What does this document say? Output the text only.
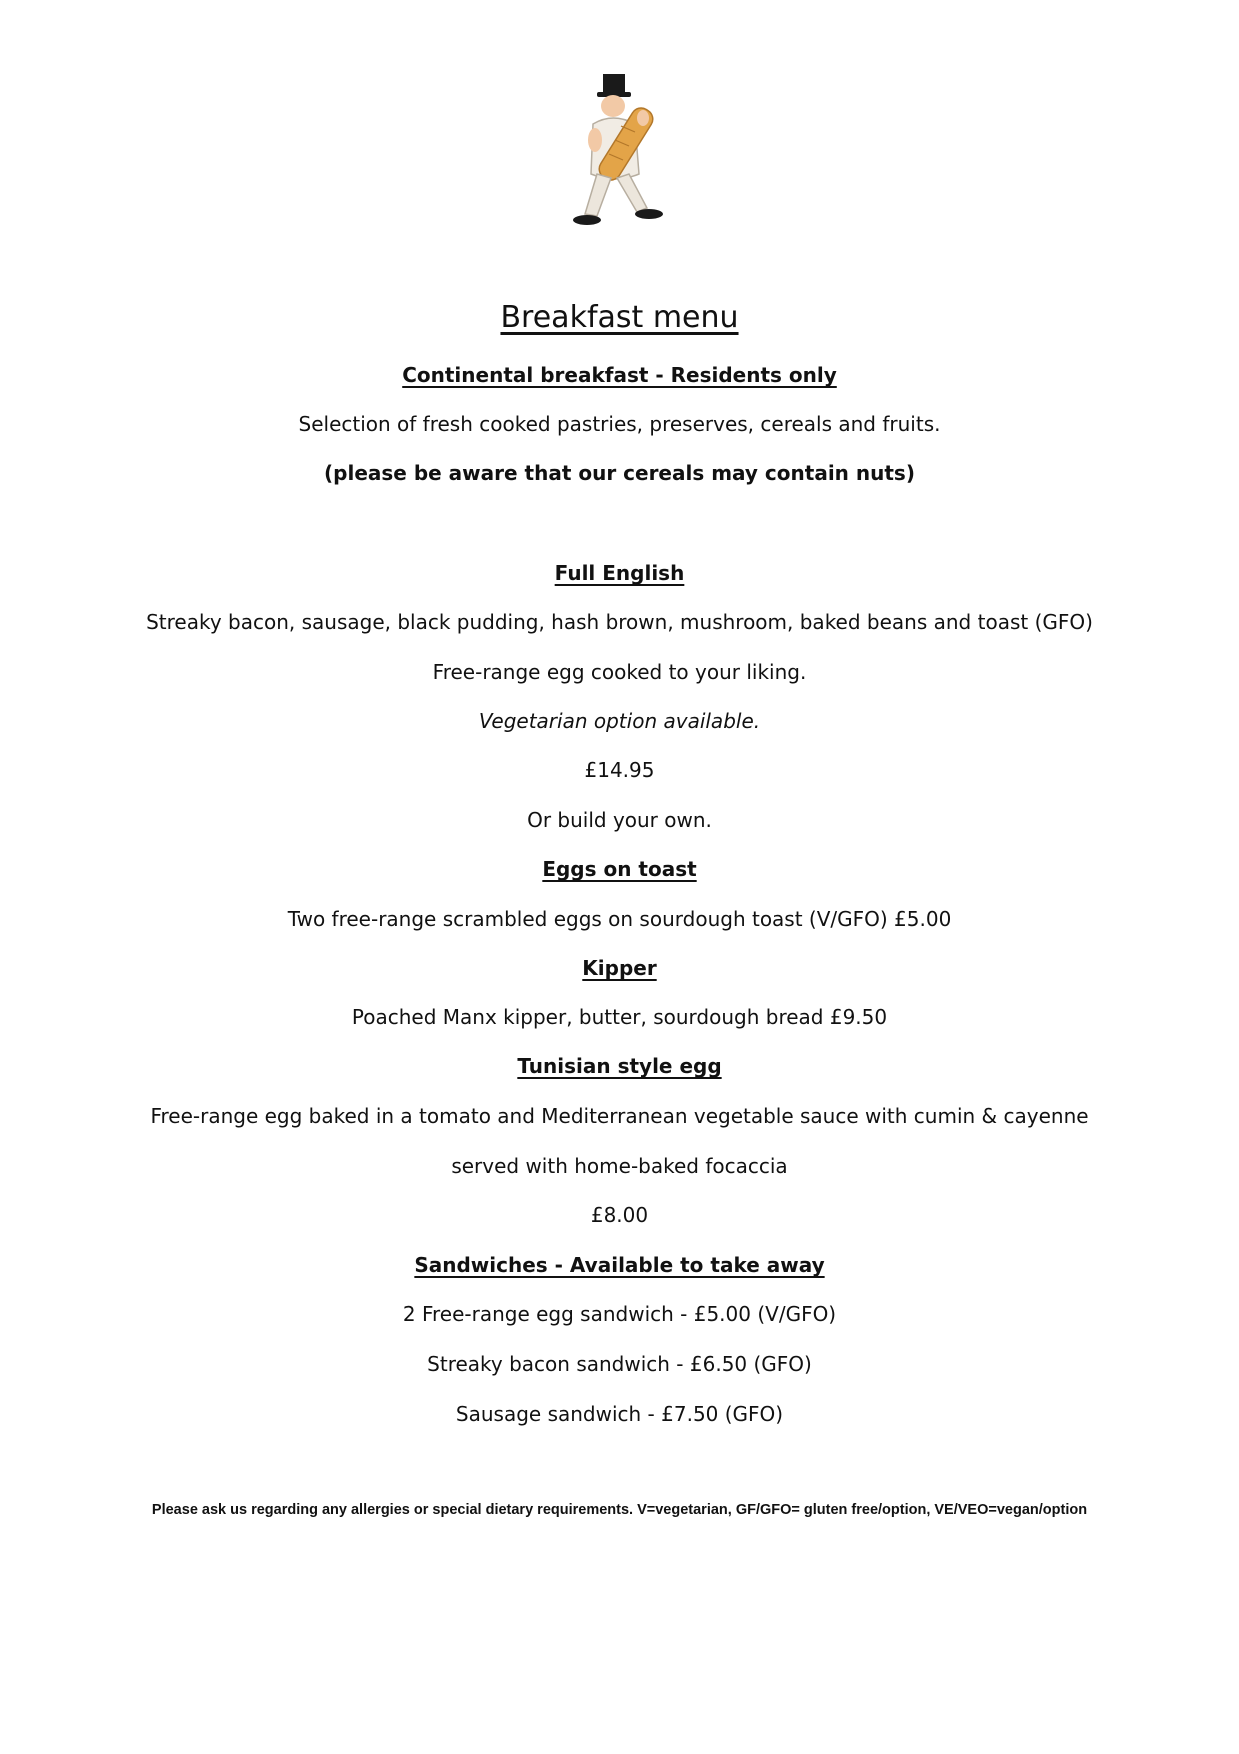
Breakfast menu
Continental breakfast - Residents only
Selection of fresh cooked pastries, preserves, cereals and fruits.
(please be aware that our cereals may contain nuts)
Full English
Streaky bacon, sausage, black pudding, hash brown, mushroom, baked beans and toast (GFO)
Free-range egg cooked to your liking.
Vegetarian option available.
£14.95
Or build your own.
Eggs on toast
Two free-range scrambled eggs on sourdough toast (V/GFO) £5.00
Kipper
Poached Manx kipper, butter, sourdough bread £9.50
Tunisian style egg
Free-range egg baked in a tomato and Mediterranean vegetable sauce with cumin & cayenne
served with home-baked focaccia
£8.00
Sandwiches - Available to take away
2 Free-range egg sandwich - £5.00 (V/GFO)
Streaky bacon sandwich - £6.50 (GFO)
Sausage sandwich - £7.50 (GFO)
Please ask us regarding any allergies or special dietary requirements. V=vegetarian, GF/GFO= gluten free/option, VE/VEO=vegan/option
